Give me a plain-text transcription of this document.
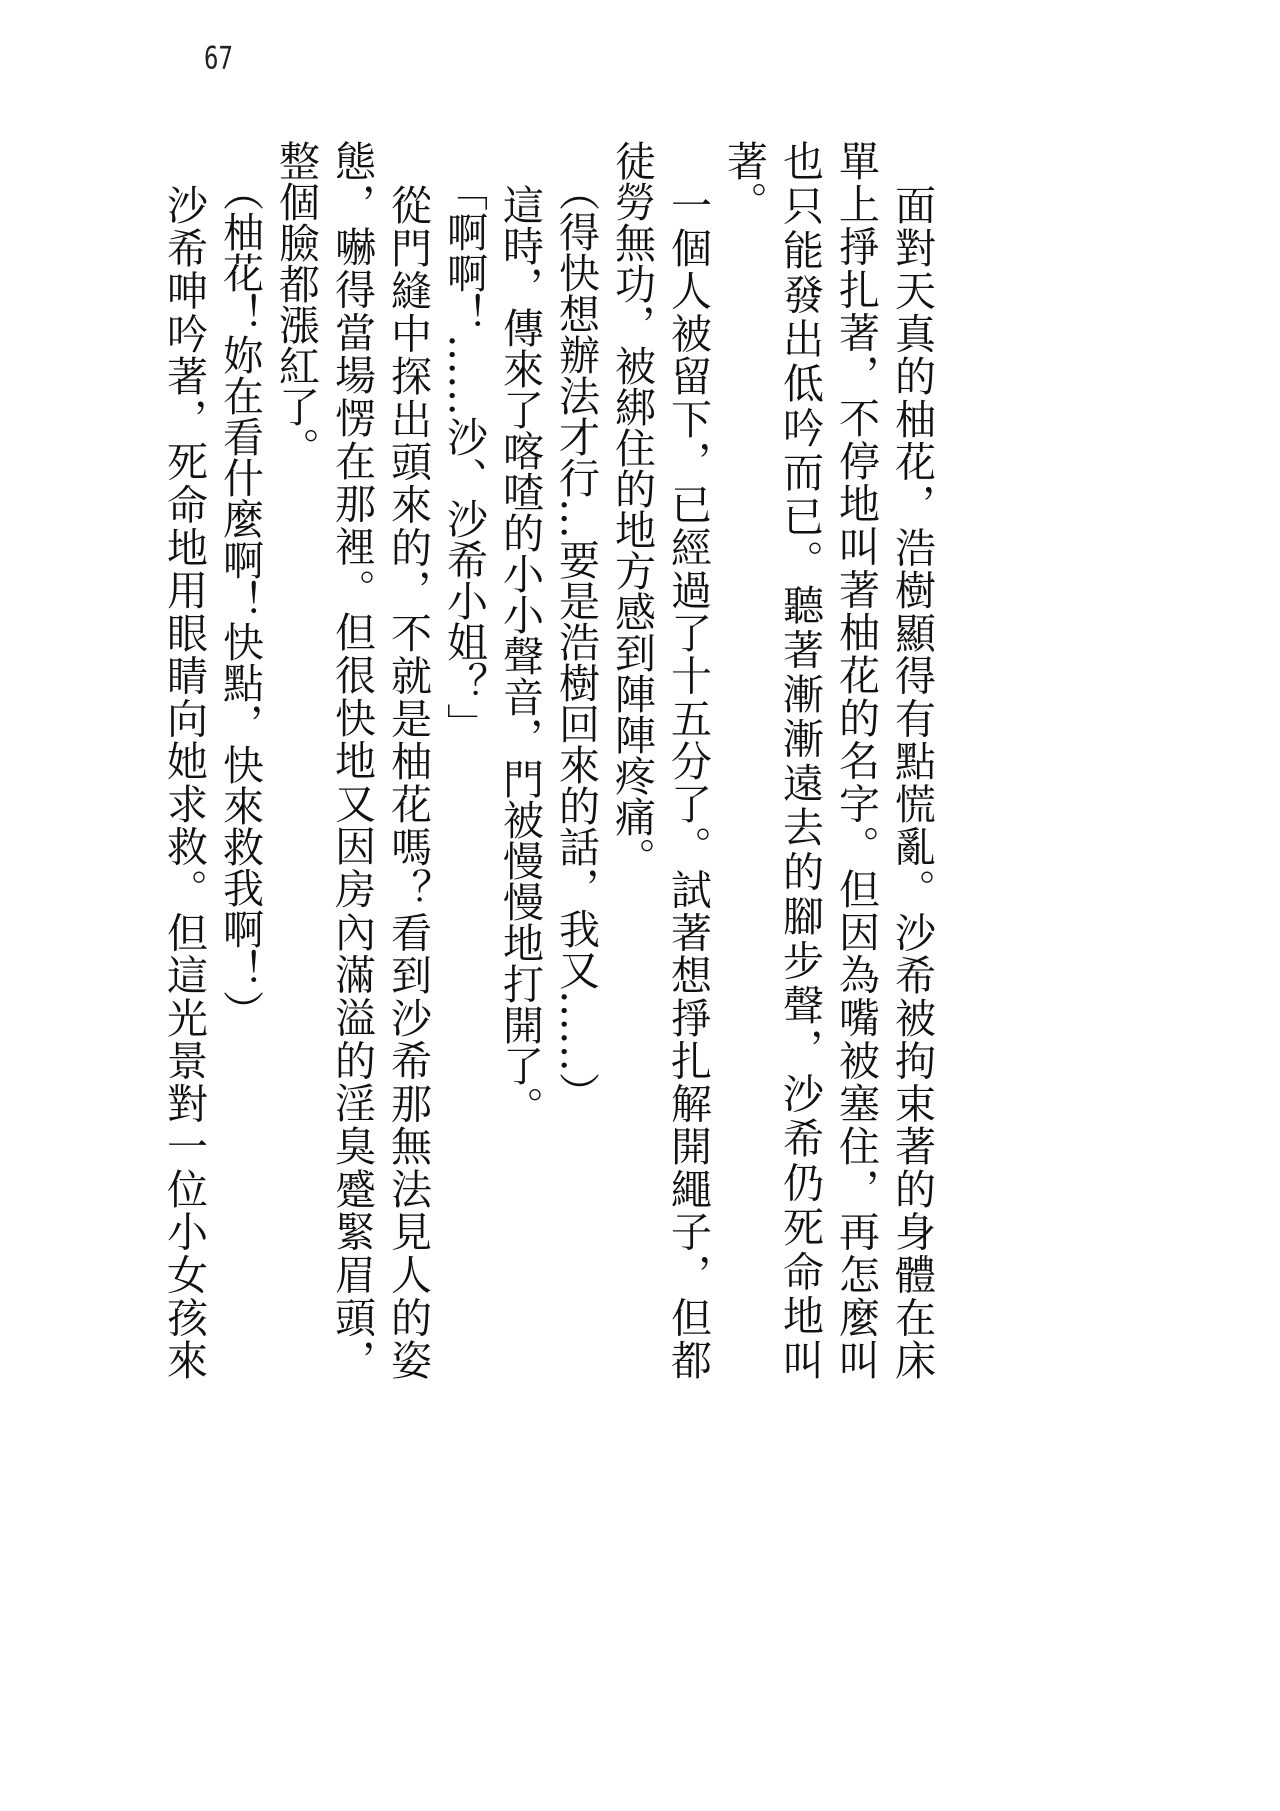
67

面對天真的柚花，浩樹顯得有點慌亂。沙希被拘束著的身體在床

單上掙扎著，不停地叫著柚花的名字。但因為嘴被塞住，再怎麼叫

也只能發出低吟而已。聽著漸漸遠去的腳步聲，沙希仍死命地叫

著。

一個人被留下，已經過了十五分了。試著想掙扎解開繩子，但都

徒勞無功，被綁住的地方感到陣陣疼痛。

（得快想辦法才行…要是浩樹回來的話，我又……）

這時，傳來了喀喳的小小聲音，門被慢慢地打開了。

「啊啊！……沙、沙希小姐？」

從門縫中探出頭來的，不就是柚花嗎？看到沙希那無法見人的姿

態，嚇得當場愣在那裡。但很快地又因房內滿溢的淫臭蹙緊眉頭，

整個臉都漲紅了。

（柚花！妳在看什麼啊！快點，快來救我啊！）

沙希呻吟著，死命地用眼睛向她求救。但這光景對一位小女孩來
